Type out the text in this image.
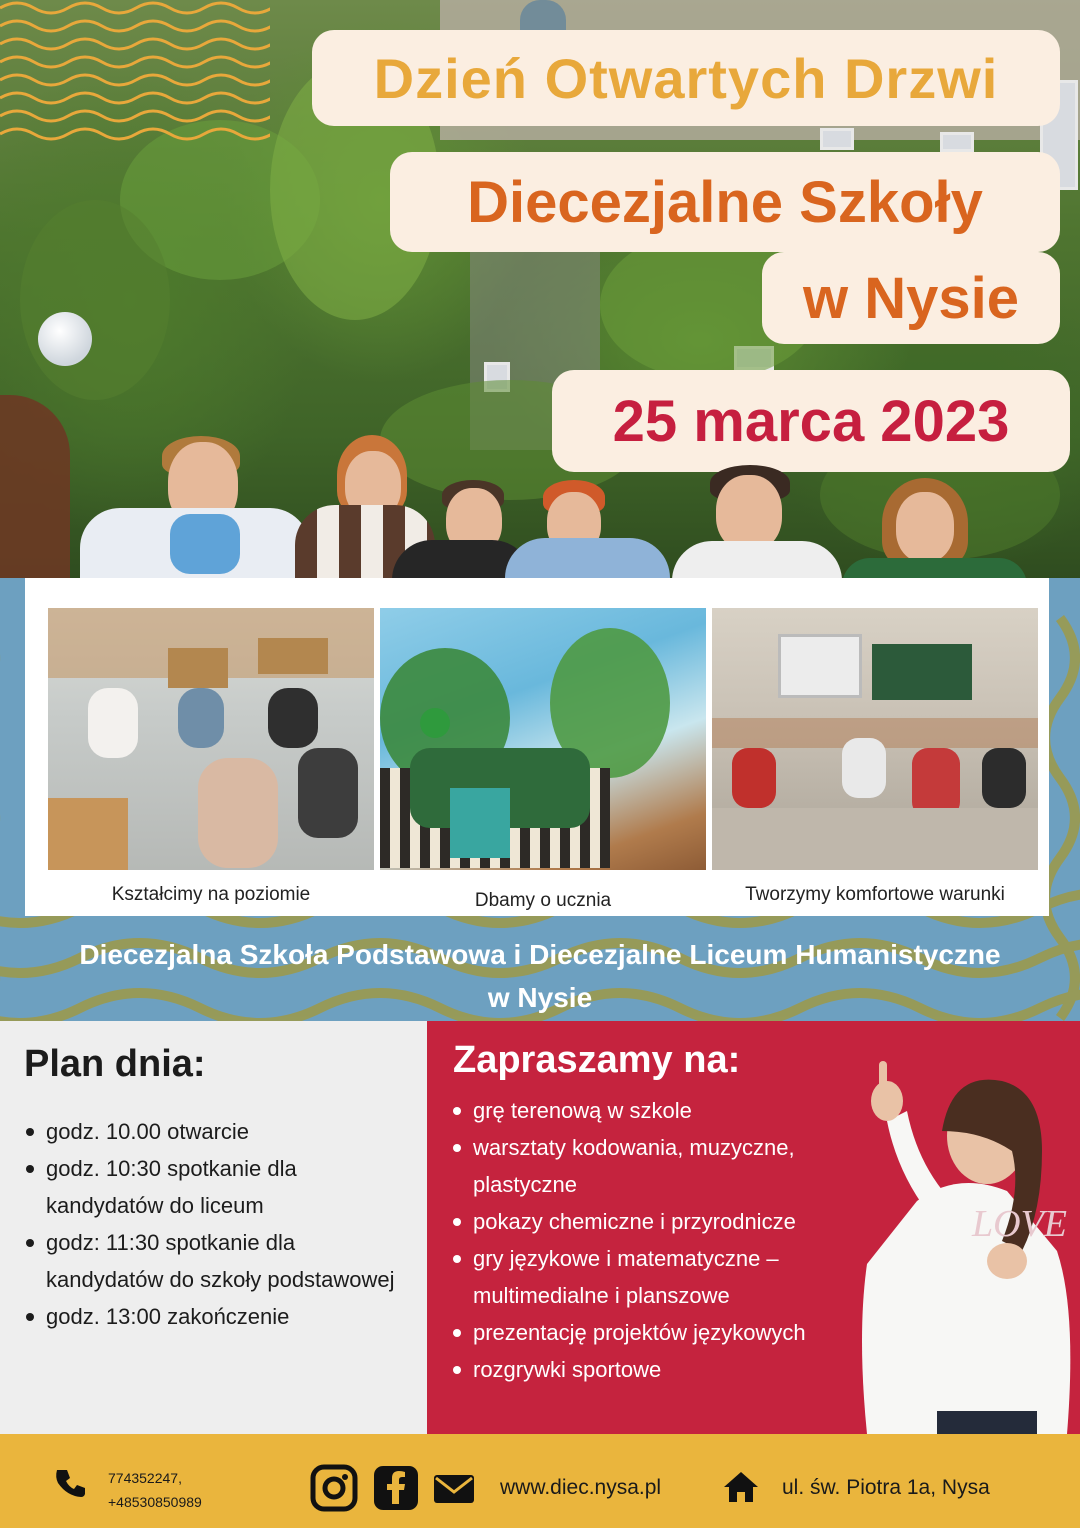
Dzień Otwartych Drzwi
Diecezjalne Szkoły
w Nysie
25 marca 2023
Kształcimy na poziomie	Dbamy o ucznia	Tworzymy komfortowe warunki
Diecezjalna Szkoła Podstawowa i Diecezjalne Liceum Humanistyczne
w Nysie
Plan dnia:
godz. 10.00 otwarcie
godz. 10:30 spotkanie dla kandydatów do liceum
godz: 11:30 spotkanie dla kandydatów do szkoły podstawowej
godz. 13:00 zakończenie
Zapraszamy na:
grę terenową w szkole
warsztaty kodowania, muzyczne, plastyczne
pokazy chemiczne i przyrodnicze
gry językowe i matematyczne – multimedialne i planszowe
prezentację projektów językowych
rozgrywki sportowe
LOVE
774352247,
+48530850989
www.diec.nysa.pl	ul. św. Piotra 1a, Nysa
